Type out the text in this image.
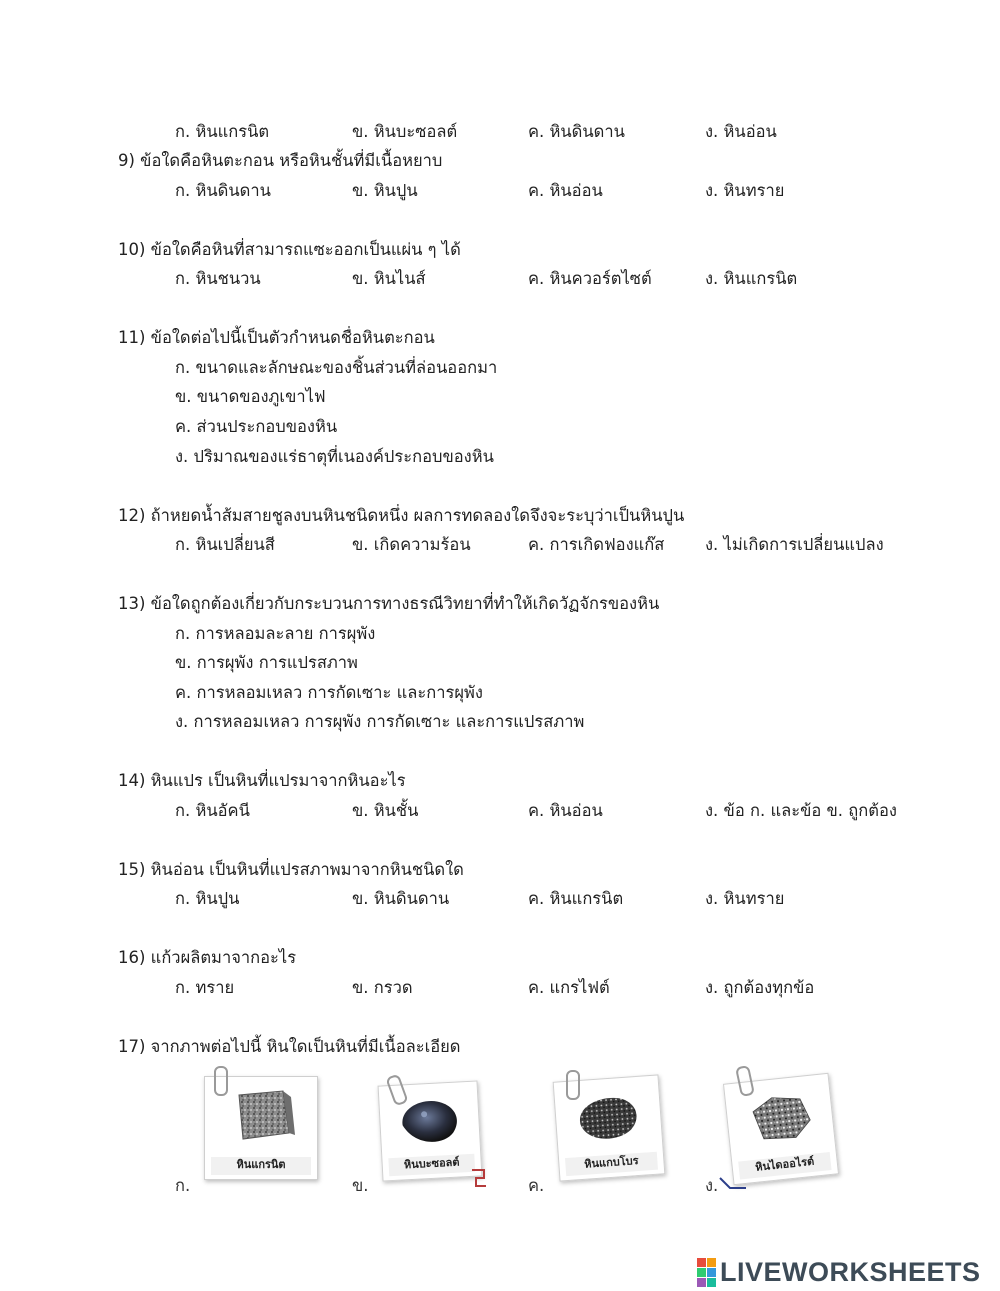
ก. หินแกรนิต	ข. หินบะซอลต์	ค. หินดินดาน	ง. หินอ่อน
9) ข้อใดคือหินตะกอน หรือหินชั้นที่มีเนื้อหยาบ
ก. หินดินดาน	ข. หินปูน	ค. หินอ่อน	ง. หินทราย
10) ข้อใดคือหินที่สามารถแซะออกเป็นแผ่น ๆ ได้
ก. หินชนวน	ข. หินไนส์	ค. หินควอร์ตไซต์	ง. หินแกรนิต
11) ข้อใดต่อไปนี้เป็นตัวกำหนดชื่อหินตะกอน
ก. ขนาดและลักษณะของชิ้นส่วนที่ล่อนออกมา
ข. ขนาดของภูเขาไฟ
ค. ส่วนประกอบของหิน
ง. ปริมาณของแร่ธาตุที่เนองค์ประกอบของหิน
12) ถ้าหยดน้ำส้มสายชูลงบนหินชนิดหนึ่ง ผลการทดลองใดจึงจะระบุว่าเป็นหินปูน
ก. หินเปลี่ยนสี	ข. เกิดความร้อน	ค. การเกิดฟองแก๊ส ง. ไม่เกิดการเปลี่ยนแปลง
13) ข้อใดถูกต้องเกี่ยวกับกระบวนการทางธรณีวิทยาที่ทำให้เกิดวัฏจักรของหิน
ก. การหลอมละลาย การผุพัง
ข. การผุพัง การแปรสภาพ
ค. การหลอมเหลว การกัดเซาะ และการผุพัง
ง. การหลอมเหลว การผุพัง การกัดเซาะ และการแปรสภาพ
14) หินแปร เป็นหินที่แปรมาจากหินอะไร
ก. หินอัคนี	ข. หินชั้น	ค. หินอ่อน	ง. ข้อ ก. และข้อ ข. ถูกต้อง
15) หินอ่อน เป็นหินที่แปรสภาพมาจากหินชนิดใด
ก. หินปูน	ข. หินดินดาน	ค. หินแกรนิต	ง. หินทราย
16) แก้วผลิตมาจากอะไร
ก. ทราย	ข. กรวด	ค. แกรไฟต์	ง. ถูกต้องทุกข้อ
17) จากภาพต่อไปนี้ หินใดเป็นหินที่มีเนื้อละเอียด
ก.	ข.	ค.	ง.
หินแกรนิต	หินบะซอลต์	หินแกบโบร	หินไดออไรต์
LIVEWORKSHEETS
